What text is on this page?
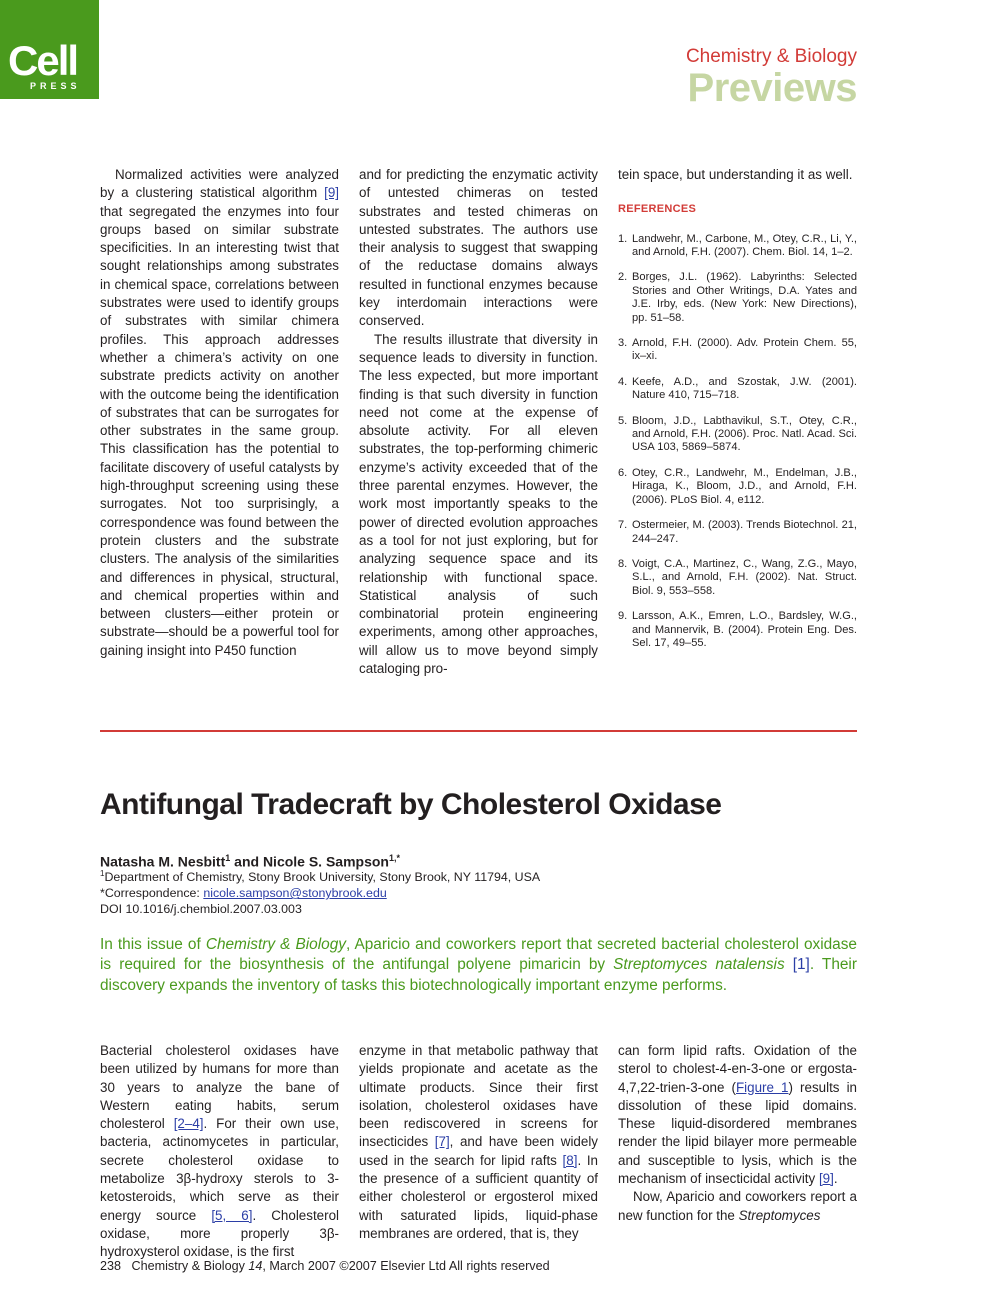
Cell
PRESS
Chemistry & Biology
Previews

Normalized activities were analyzed by a clustering statistical algorithm [9] that segregated the enzymes into four groups based on similar substrate specificities. In an interesting twist that sought relationships among substrates in chemical space, correlations between substrates were used to identify groups of substrates with similar chimera profiles. This approach addresses whether a chimera’s activity on one substrate predicts activity on another with the outcome being the identification of substrates that can be surrogates for other substrates in the same group. This classification has the potential to facilitate discovery of useful catalysts by high-throughput screening using these surrogates. Not too surprisingly, a correspondence was found between the protein clusters and the substrate clusters. The analysis of the similarities and differences in physical, structural, and chemical properties within and between clusters—either protein or substrate—should be a powerful tool for gaining insight into P450 function

and for predicting the enzymatic activity of untested chimeras on tested substrates and tested chimeras on untested substrates. The authors use their analysis to suggest that swapping of the reductase domains always resulted in functional enzymes because key interdomain interactions were conserved.

The results illustrate that diversity in sequence leads to diversity in function. The less expected, but more important finding is that such diversity in function need not come at the expense of absolute activity. For all eleven substrates, the top-performing chimeric enzyme’s activity exceeded that of the three parental enzymes. However, the work most importantly speaks to the power of directed evolution approaches as a tool for not just exploring, but for analyzing sequence space and its relationship with functional space. Statistical analysis of such combinatorial protein engineering experiments, among other approaches, will allow us to move beyond simply cataloging pro-

tein space, but understanding it as well.

REFERENCES
1. Landwehr, M., Carbone, M., Otey, C.R., Li, Y., and Arnold, F.H. (2007). Chem. Biol. 14, 1–2.
2. Borges, J.L. (1962). Labyrinths: Selected Stories and Other Writings, D.A. Yates and J.E. Irby, eds. (New York: New Directions), pp. 51–58.
3. Arnold, F.H. (2000). Adv. Protein Chem. 55, ix–xi.
4. Keefe, A.D., and Szostak, J.W. (2001). Nature 410, 715–718.
5. Bloom, J.D., Labthavikul, S.T., Otey, C.R., and Arnold, F.H. (2006). Proc. Natl. Acad. Sci. USA 103, 5869–5874.
6. Otey, C.R., Landwehr, M., Endelman, J.B., Hiraga, K., Bloom, J.D., and Arnold, F.H. (2006). PLoS Biol. 4, e112.
7. Ostermeier, M. (2003). Trends Biotechnol. 21, 244–247.
8. Voigt, C.A., Martinez, C., Wang, Z.G., Mayo, S.L., and Arnold, F.H. (2002). Nat. Struct. Biol. 9, 553–558.
9. Larsson, A.K., Emren, L.O., Bardsley, W.G., and Mannervik, B. (2004). Protein Eng. Des. Sel. 17, 49–55.
Antifungal Tradecraft by Cholesterol Oxidase
Natasha M. Nesbitt$^1$ and Nicole S. Sampson$^{1,*}$
$^1$Department of Chemistry, Stony Brook University, Stony Brook, NY 11794, USA
*Correspondence: nicole.sampson@stonybrook.edu
DOI 10.1016/j.chembiol.2007.03.003
In this issue of Chemistry & Biology, Aparicio and coworkers report that secreted bacterial cholesterol oxidase is required for the biosynthesis of the antifungal polyene pimaricin by Streptomyces natalensis [1]. Their discovery expands the inventory of tasks this biotechnologically important enzyme performs.

Bacterial cholesterol oxidases have been utilized by humans for more than 30 years to analyze the bane of Western eating habits, serum cholesterol [2–4]. For their own use, bacteria, actinomycetes in particular, secrete cholesterol oxidase to metabolize 3β-hydroxy sterols to 3-ketosteroids, which serve as their energy source [5, 6]. Cholesterol oxidase, more properly 3β-hydroxysterol oxidase, is the first

enzyme in that metabolic pathway that yields propionate and acetate as the ultimate products. Since their first isolation, cholesterol oxidases have been rediscovered in screens for insecticides [7], and have been widely used in the search for lipid rafts [8]. In the presence of a sufficient quantity of either cholesterol or ergosterol mixed with saturated lipids, liquid-phase membranes are ordered, that is, they

can form lipid rafts. Oxidation of the sterol to cholest-4-en-3-one or ergosta-4,7,22-trien-3-one (Figure 1) results in dissolution of these lipid domains. These liquid-disordered membranes render the lipid bilayer more permeable and susceptible to lysis, which is the mechanism of insecticidal activity [9].

Now, Aparicio and coworkers report a new function for the Streptomyces

238 Chemistry & Biology 14, March 2007 ©2007 Elsevier Ltd All rights reserved
